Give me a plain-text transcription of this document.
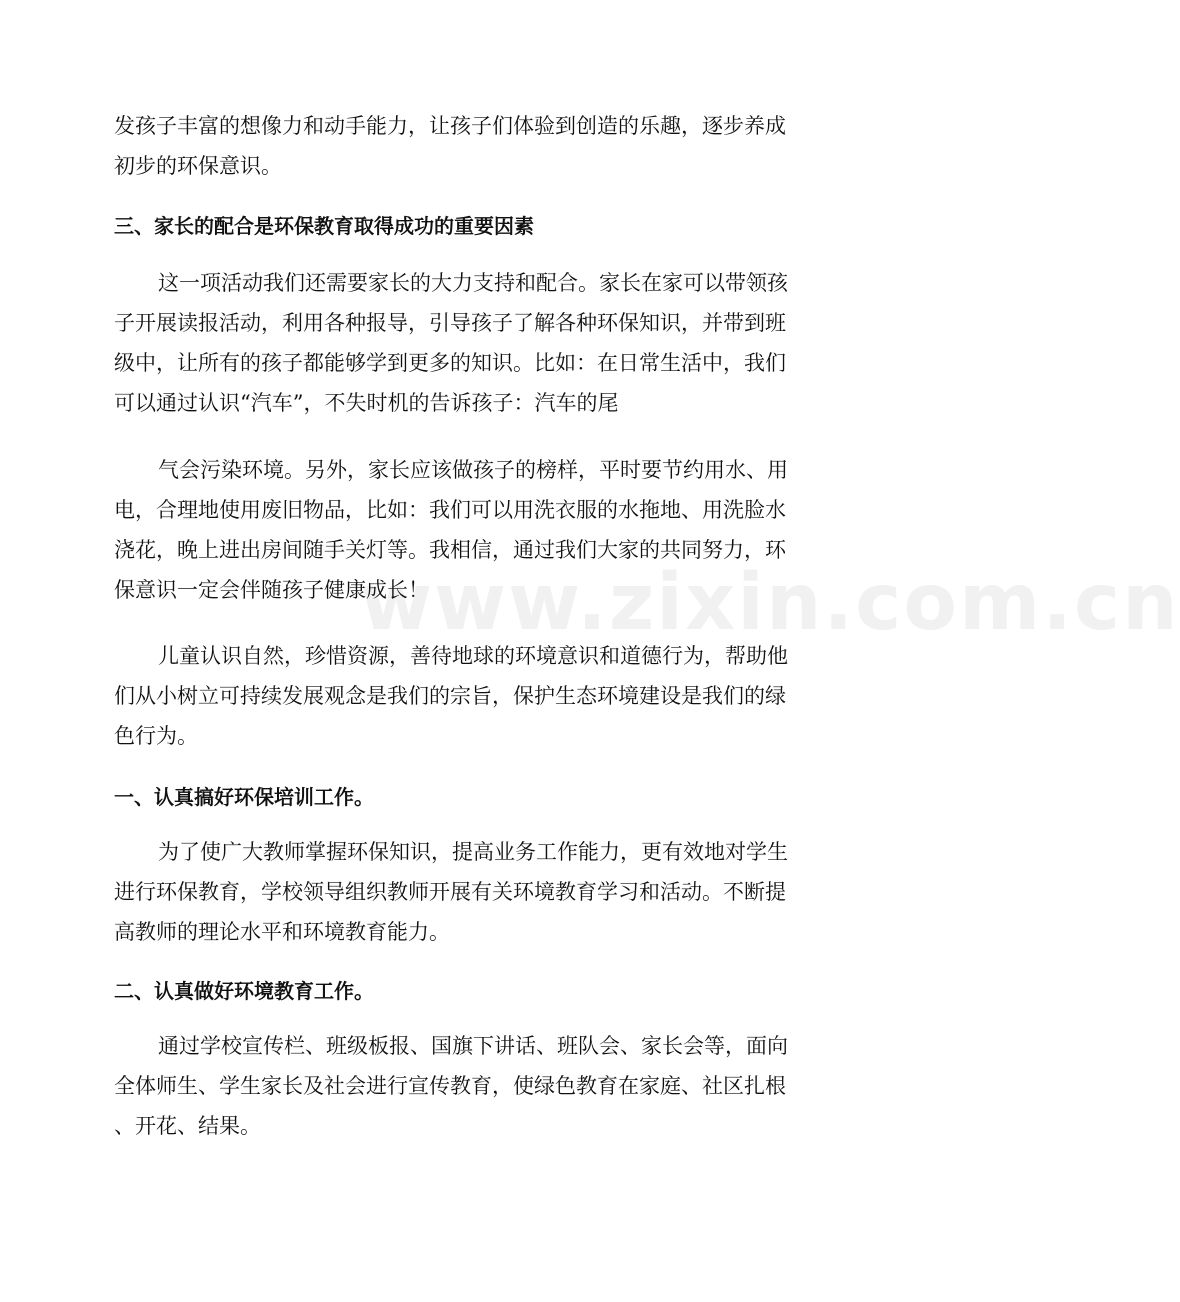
www.zixin.com.cn
发孩子丰富的想像力和动手能力，让孩子们体验到创造的乐趣，逐步养成
初步的环保意识。
三、家长的配合是环保教育取得成功的重要因素
这一项活动我们还需要家长的大力支持和配合。家长在家可以带领孩
子开展读报活动，利用各种报导，引导孩子了解各种环保知识，并带到班
级中，让所有的孩子都能够学到更多的知识。比如：在日常生活中，我们
可以通过认识“汽车”，不失时机的告诉孩子：汽车的尾
气会污染环境。另外，家长应该做孩子的榜样，平时要节约用水、用
电，合理地使用废旧物品，比如：我们可以用洗衣服的水拖地、用洗脸水
浇花，晚上进出房间随手关灯等。我相信，通过我们大家的共同努力，环
保意识一定会伴随孩子健康成长！
儿童认识自然，珍惜资源，善待地球的环境意识和道德行为，帮助他
们从小树立可持续发展观念是我们的宗旨，保护生态环境建设是我们的绿
色行为。
一、认真搞好环保培训工作。
为了使广大教师掌握环保知识，提高业务工作能力，更有效地对学生
进行环保教育，学校领导组织教师开展有关环境教育学习和活动。不断提
高教师的理论水平和环境教育能力。
二、认真做好环境教育工作。
通过学校宣传栏、班级板报、国旗下讲话、班队会、家长会等，面向
全体师生、学生家长及社会进行宣传教育，使绿色教育在家庭、社区扎根
、开花、结果。
